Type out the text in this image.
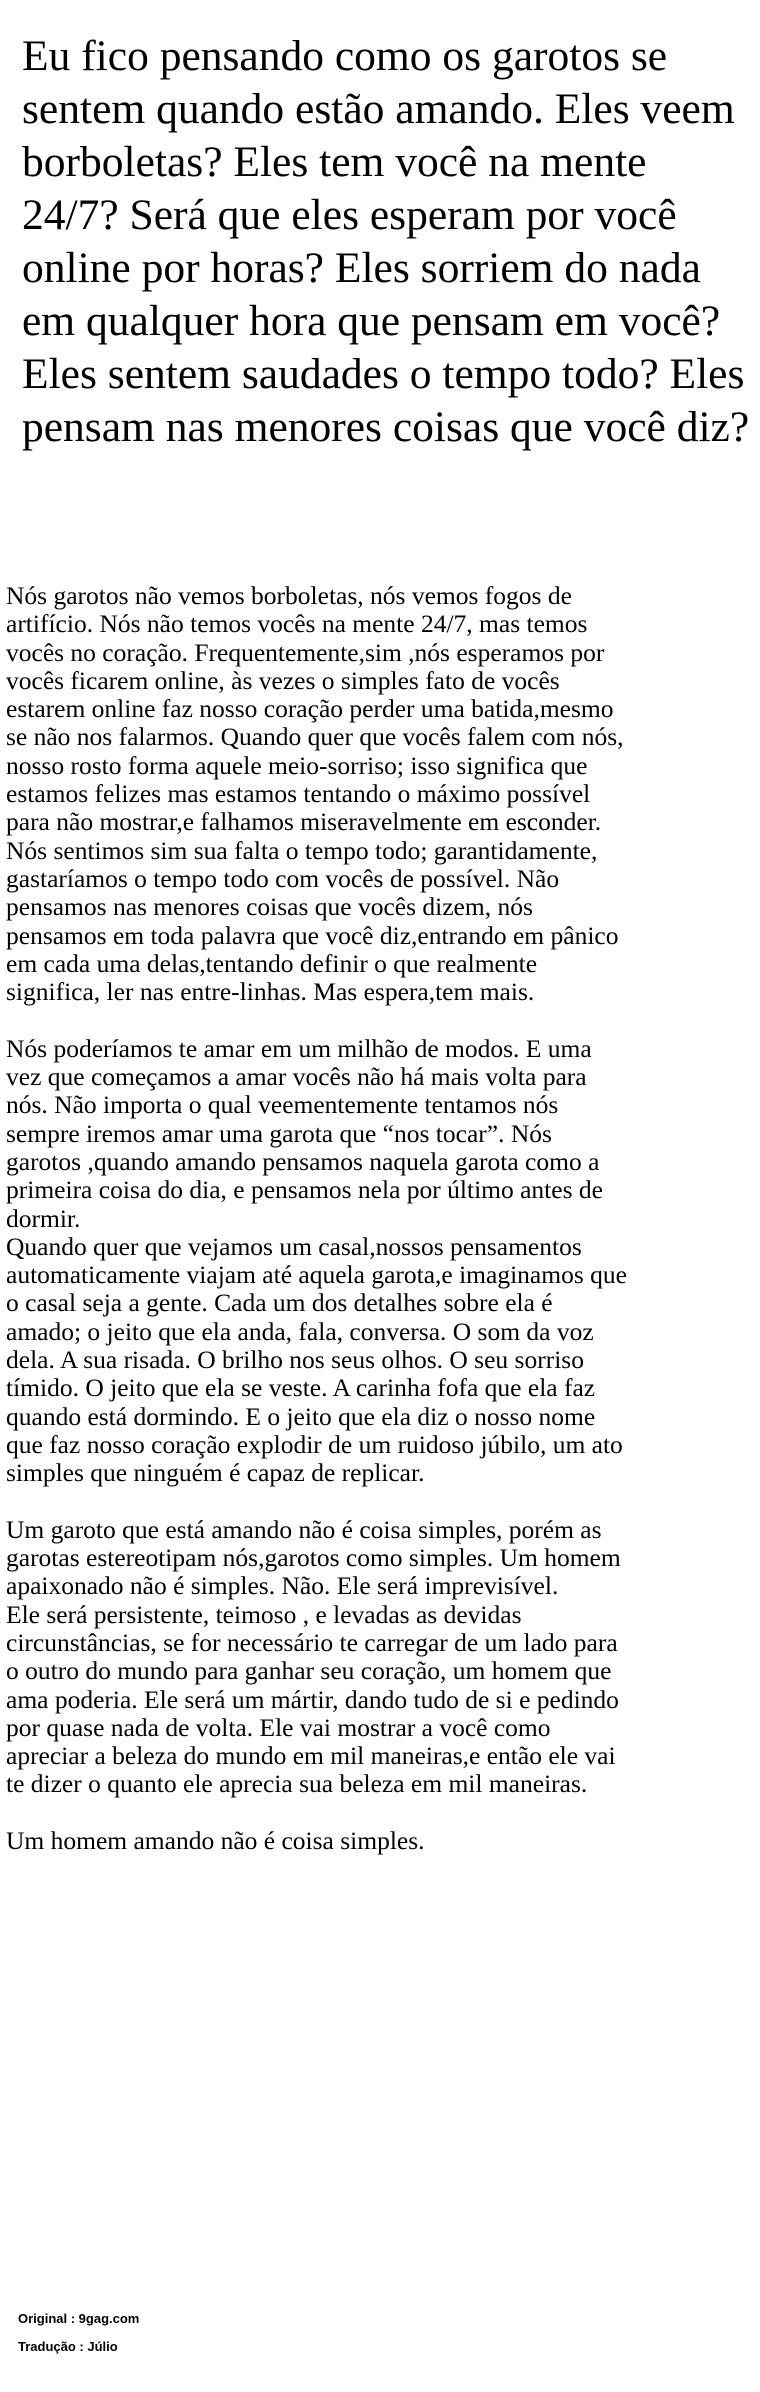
Eu fico pensando como os garotos se sentem quando estão amando. Eles veem borboletas? Eles tem você na mente 24/7? Será que eles esperam por você online por horas? Eles sorriem do nada em qualquer hora que pensam em você? Eles sentem saudades o tempo todo? Eles pensam nas menores coisas que você diz?
Nós garotos não vemos borboletas, nós vemos fogos de
artifício. Nós não temos vocês na mente 24/7, mas temos
vocês no coração. Frequentemente,sim ,nós esperamos por
vocês ficarem online, às vezes o simples fato de vocês
estarem online faz nosso coração perder uma batida,mesmo
se não nos falarmos. Quando quer que vocês falem com nós,
nosso rosto forma aquele meio-sorriso; isso significa que
estamos felizes mas estamos tentando o máximo possível
para não mostrar,e falhamos miseravelmente em esconder.
Nós sentimos sim sua falta o tempo todo; garantidamente,
gastaríamos o tempo todo com vocês de possível. Não
pensamos nas menores coisas que vocês dizem, nós
pensamos em toda palavra que você diz,entrando em pânico
em cada uma delas,tentando definir o que realmente
significa, ler nas entre-linhas. Mas espera,tem mais.
Nós poderíamos te amar em um milhão de modos. E uma
vez que começamos a amar vocês não há mais volta para
nós. Não importa o qual veementemente tentamos nós
sempre iremos amar uma garota que “nos tocar”. Nós
garotos ,quando amando pensamos naquela garota como a
primeira coisa do dia, e pensamos nela por último antes de
dormir.
Quando quer que vejamos um casal,nossos pensamentos
automaticamente viajam até aquela garota,e imaginamos que
o casal seja a gente. Cada um dos detalhes sobre ela é
amado; o jeito que ela anda, fala, conversa. O som da voz
dela. A sua risada. O brilho nos seus olhos. O seu sorriso
tímido. O jeito que ela se veste. A carinha fofa que ela faz
quando está dormindo. E o jeito que ela diz o nosso nome
que faz nosso coração explodir de um ruidoso júbilo, um ato
simples que ninguém é capaz de replicar.
Um garoto que está amando não é coisa simples, porém as
garotas estereotipam nós,garotos como simples. Um homem
apaixonado não é simples. Não. Ele será imprevisível.
Ele será persistente, teimoso , e levadas as devidas
circunstâncias, se for necessário te carregar de um lado para
o outro do mundo para ganhar seu coração, um homem que
ama poderia. Ele será um mártir, dando tudo de si e pedindo
por quase nada de volta. Ele vai mostrar a você como
apreciar a beleza do mundo em mil maneiras,e então ele vai
te dizer o quanto ele aprecia sua beleza em mil maneiras.
Um homem amando não é coisa simples.
Original : 9gag.com
Tradução : Júlio
